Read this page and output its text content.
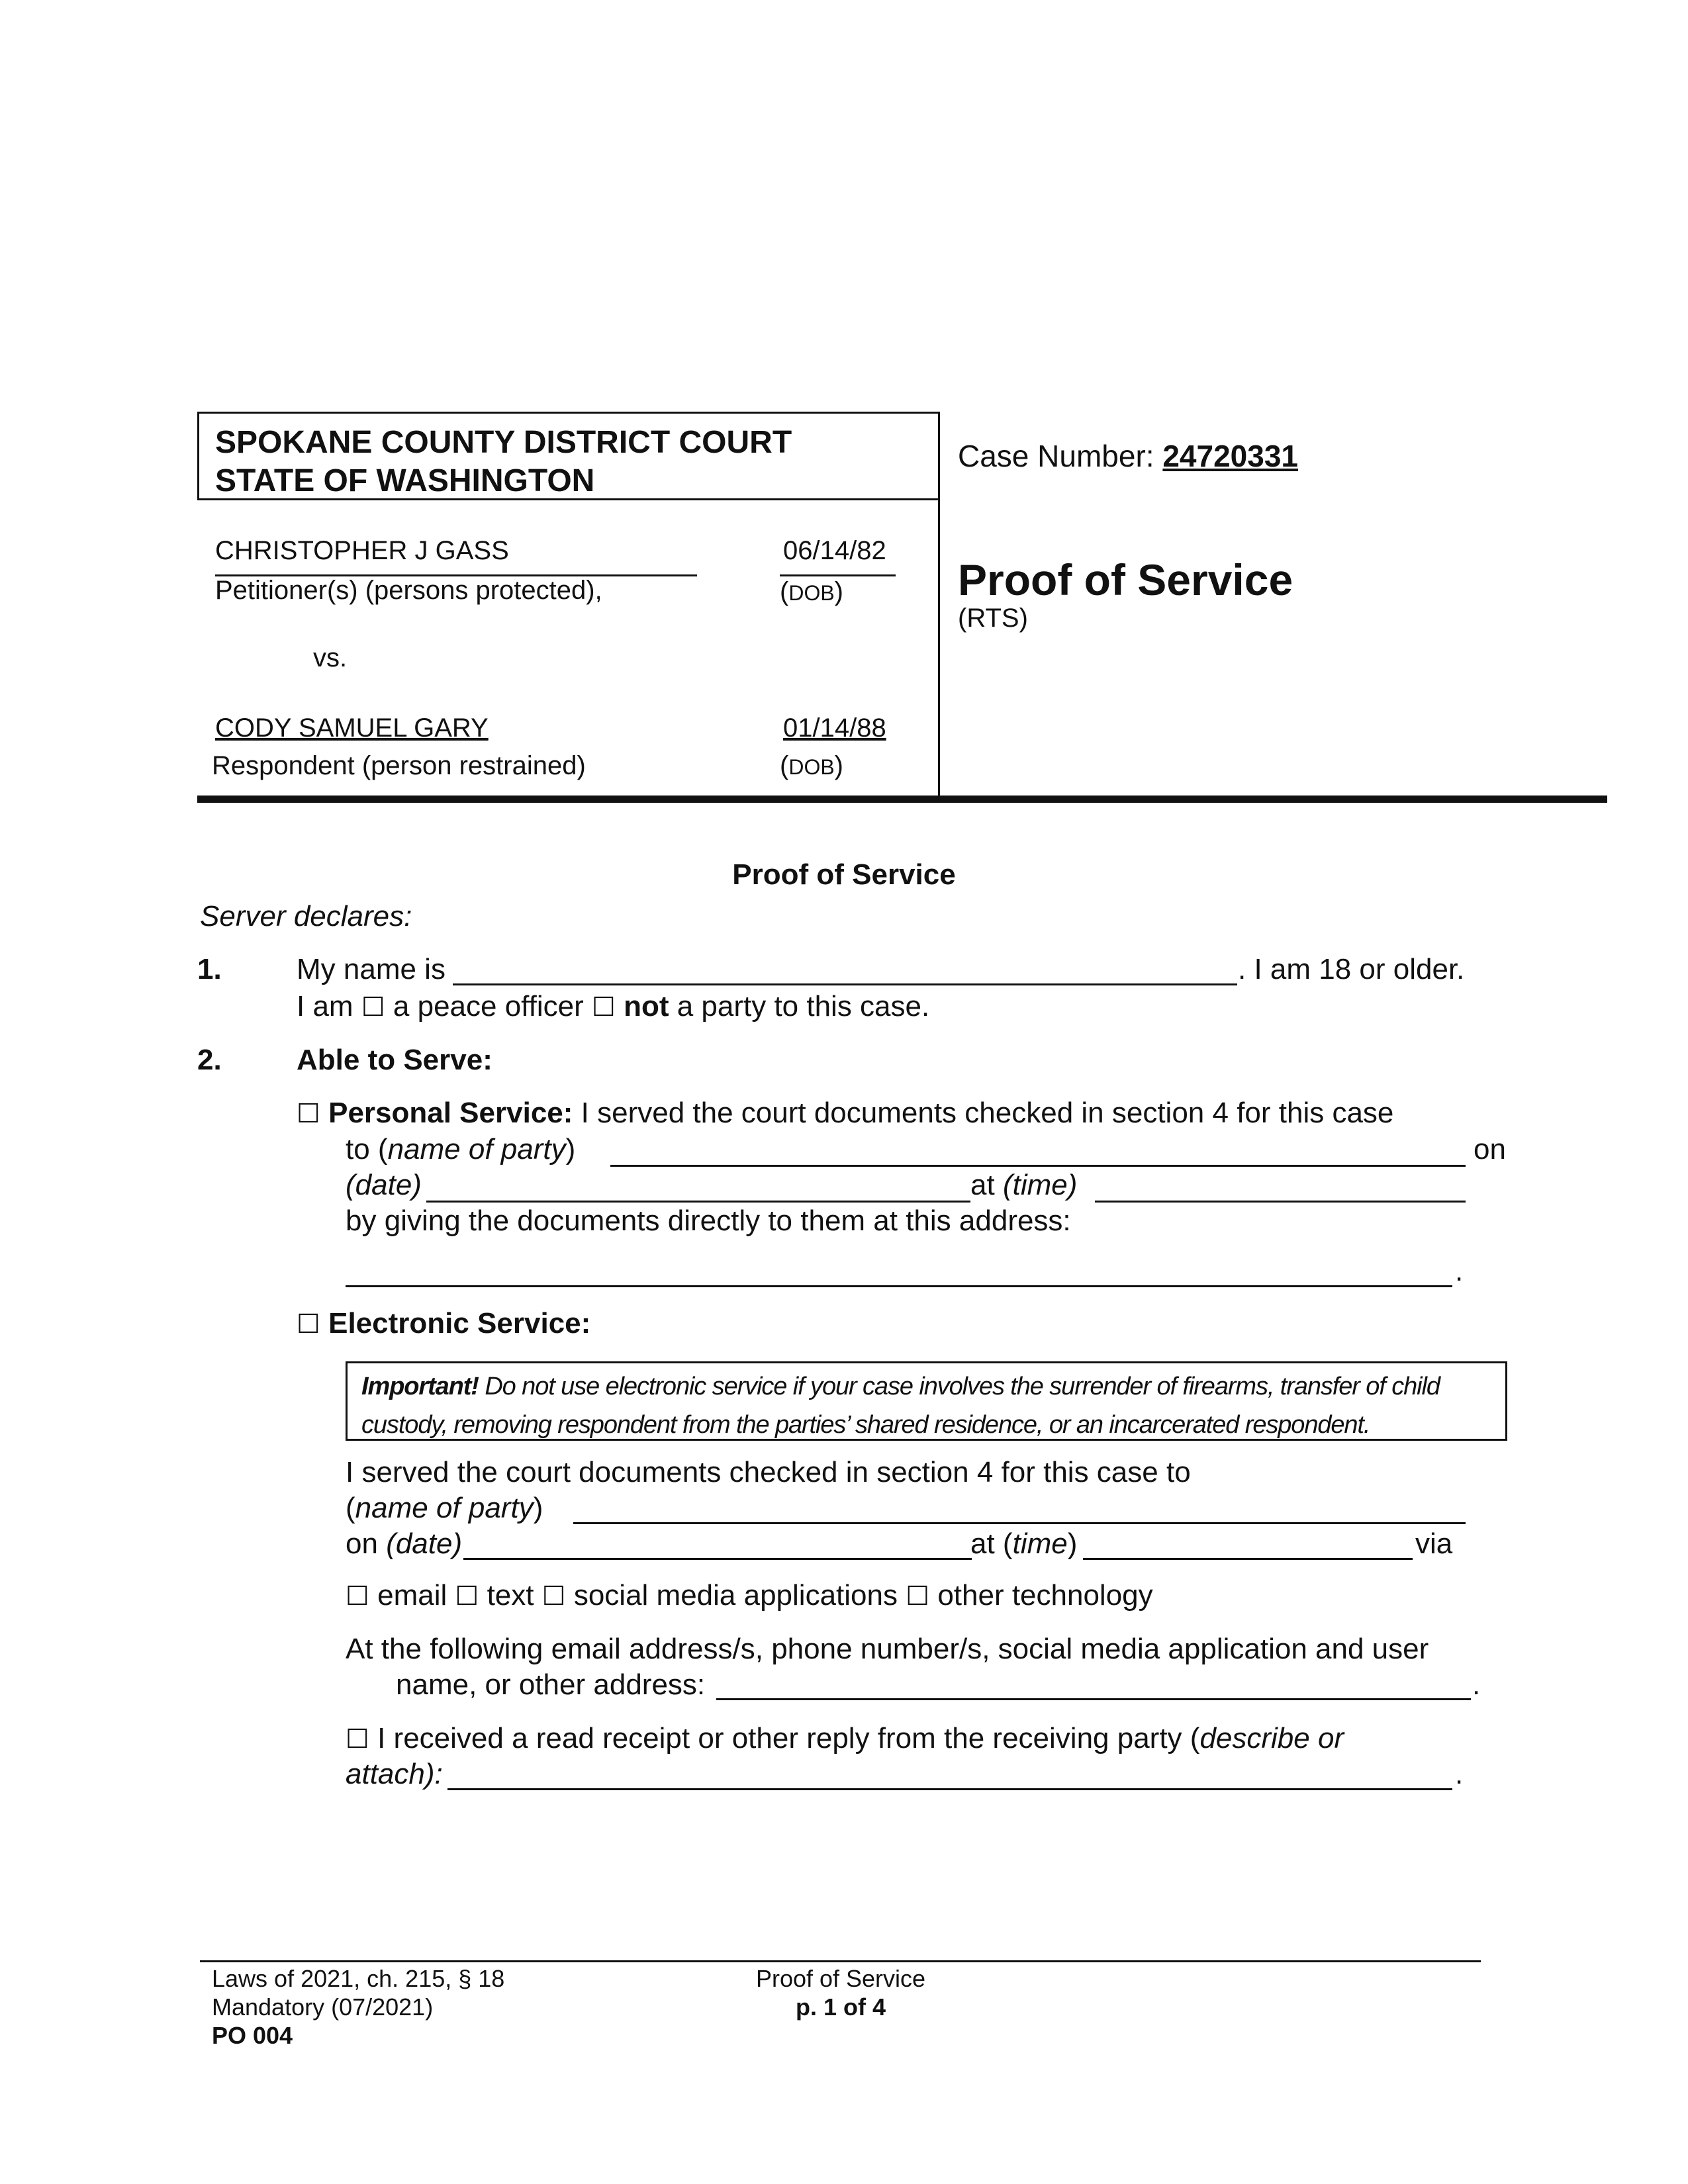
SPOKANE COUNTY DISTRICT COURT
STATE OF WASHINGTON
CHRISTOPHER J GASS
Petitioner(s) (persons protected),
06/14/82
(DOB)
vs.
CODY SAMUEL GARY
Respondent (person restrained)
01/14/88
(DOB)
Case Number: 24720331
Proof of Service
(RTS)
Proof of Service
Server declares:
1.	My name is	. I am 18 or older.
I am ☐ a peace officer ☐ not a party to this case.
2.	Able to Serve:
☐ Personal Service: I served the court documents checked in section 4 for this case
to (name of party)	on
(date)	at (time)
by giving the documents directly to them at this address:
.
☐ Electronic Service:
Important! Do not use electronic service if your case involves the surrender of firearms, transfer of child
custody, removing respondent from the parties’ shared residence, or an incarcerated respondent.
I served the court documents checked in section 4 for this case to
(name of party)
on (date)	at (time)	via
☐ email ☐ text ☐ social media applications ☐ other technology
At the following email address/s, phone number/s, social media application and user
name, or other address:	.
☐ I received a read receipt or other reply from the receiving party (describe or
attach):	.
Laws of 2021, ch. 215, § 18
Mandatory (07/2021)
PO 004
Proof of Service
p. 1 of 4
